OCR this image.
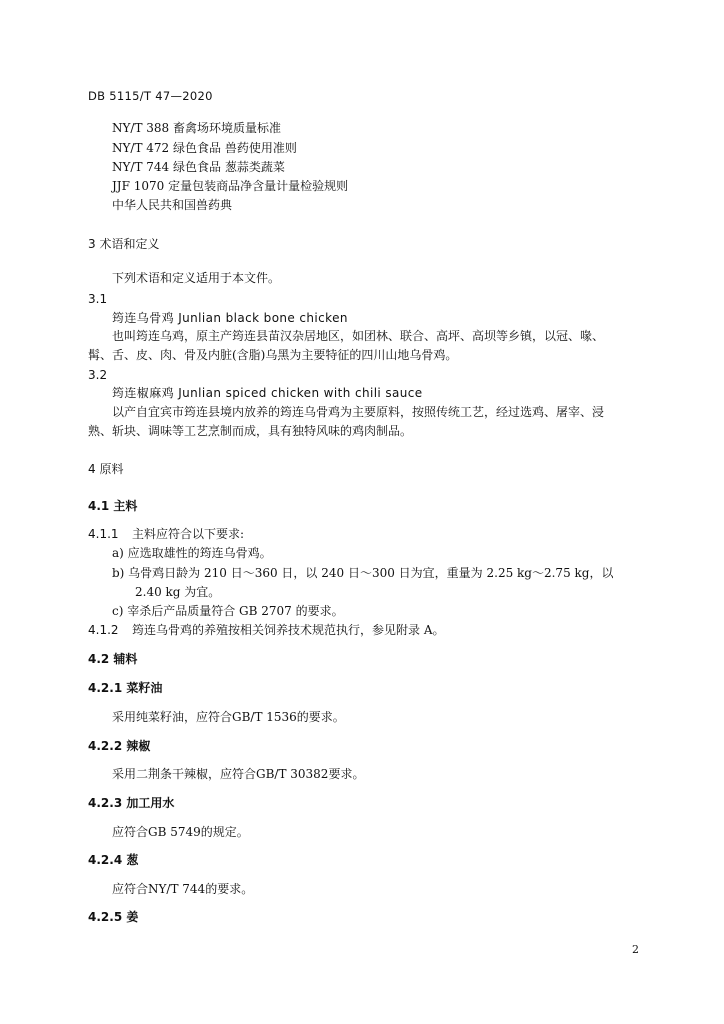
DB 5115/T 47—2020
NY/T 388 畜禽场环境质量标准
NY/T 472 绿色食品 兽药使用准则
NY/T 744 绿色食品 葱蒜类蔬菜
JJF 1070 定量包装商品净含量计量检验规则
中华人民共和国兽药典
3 术语和定义
下列术语和定义适用于本文件。
3.1
筠连乌骨鸡 Junlian black bone chicken
也叫筠连乌鸡，原主产筠连县苗汉杂居地区，如团林、联合、高坪、高坝等乡镇，以冠、喙、
髯、舌、皮、肉、骨及内脏(含脂)乌黑为主要特征的四川山地乌骨鸡。
3.2
筠连椒麻鸡 Junlian spiced chicken with chili sauce
以产自宜宾市筠连县境内放养的筠连乌骨鸡为主要原料，按照传统工艺，经过选鸡、屠宰、浸
熟、斩块、调味等工艺烹制而成，具有独特风味的鸡肉制品。
4 原料
4.1 主料
4.1.1 主料应符合以下要求:
a) 应选取雄性的筠连乌骨鸡。
b) 乌骨鸡日龄为 210 日～360 日，以 240 日～300 日为宜，重量为 2.25 kg～2.75 kg，以
2.40 kg 为宜。
c) 宰杀后产品质量符合 GB 2707 的要求。
4.1.2 筠连乌骨鸡的养殖按相关饲养技术规范执行，参见附录 A。
4.2 辅料
4.2.1 菜籽油
采用纯菜籽油，应符合GB/T 1536的要求。
4.2.2 辣椒
采用二荆条干辣椒，应符合GB/T 30382要求。
4.2.3 加工用水
应符合GB 5749的规定。
4.2.4 葱
应符合NY/T 744的要求。
4.2.5 姜
2
